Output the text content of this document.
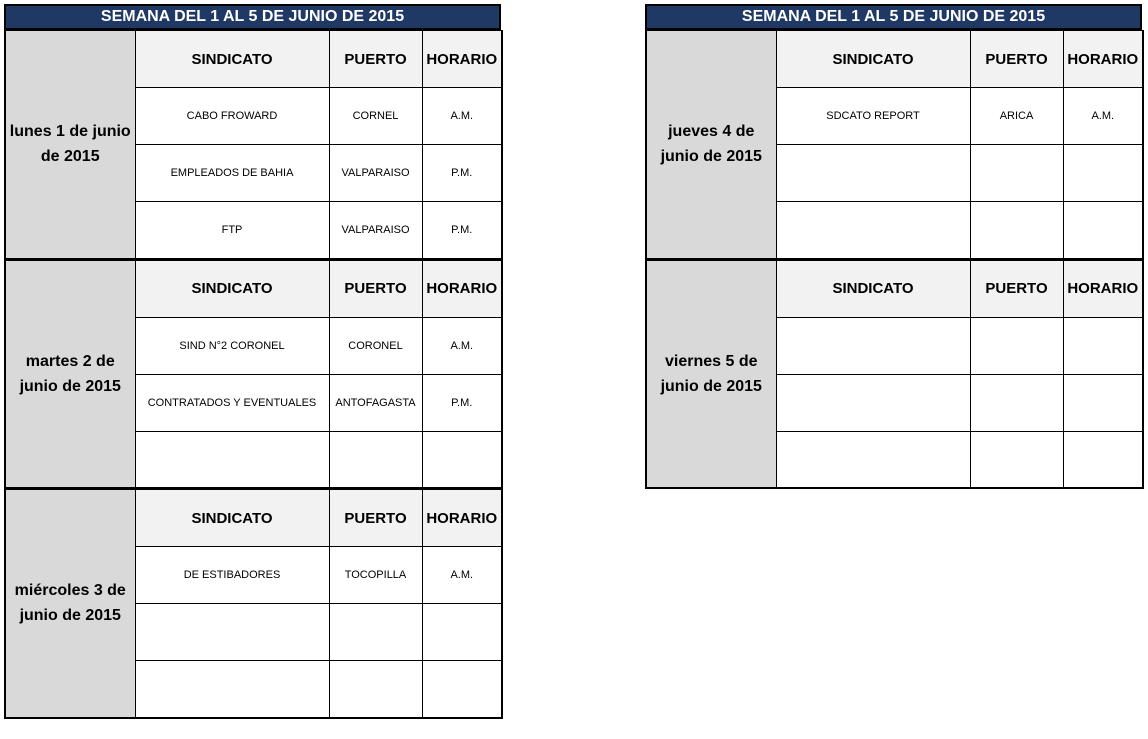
SEMANA DEL 1 AL 5 DE JUNIO DE 2015
lunes 1 de junio de 2015	SINDICATO	PUERTO	HORARIO
	CABO FROWARD	CORNEL	A.M.
	EMPLEADOS DE BAHIA	VALPARAISO	P.M.
	FTP	VALPARAISO	P.M.
martes 2 de junio de 2015	SINDICATO	PUERTO	HORARIO
	SIND N°2 CORONEL	CORONEL	A.M.
	CONTRATADOS Y EVENTUALES	ANTOFAGASTA	P.M.

miércoles 3 de junio de 2015	SINDICATO	PUERTO	HORARIO
	DE ESTIBADORES	TOCOPILLA	A.M.

SEMANA DEL 1 AL 5 DE JUNIO DE 2015
jueves 4 de junio de 2015	SINDICATO	PUERTO	HORARIO
	SDCATO REPORT	ARICA	A.M.

viernes 5 de junio de 2015	SINDICATO	PUERTO	HORARIO
